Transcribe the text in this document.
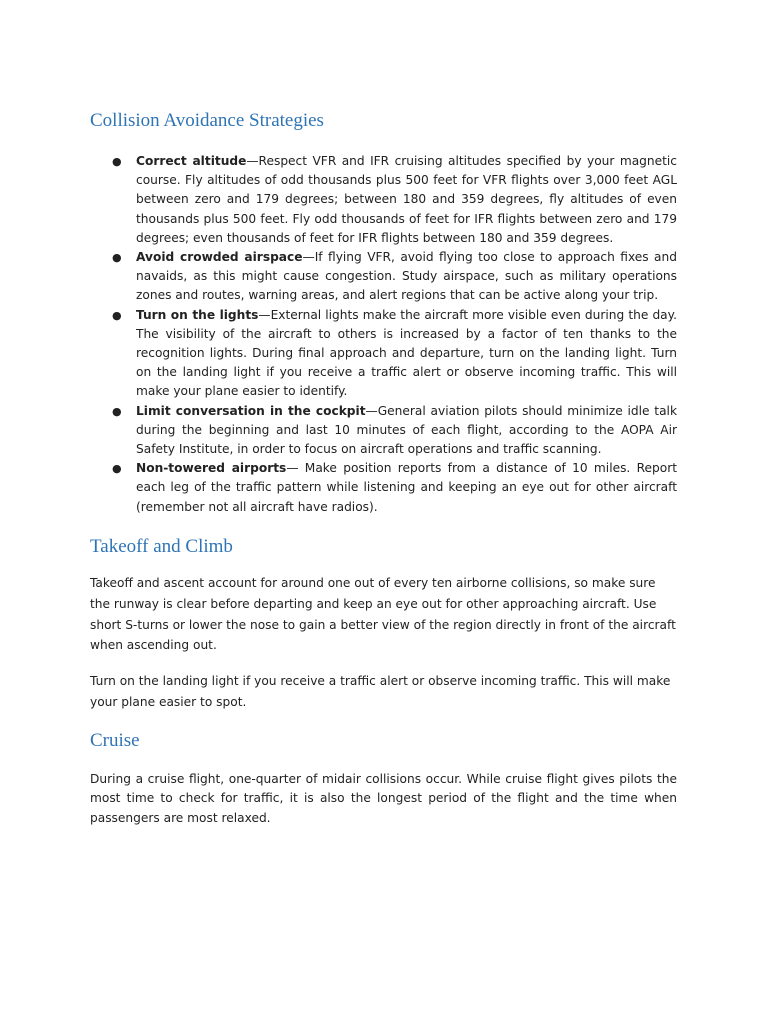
Collision Avoidance Strategies
● Correct altitude—Respect VFR and IFR cruising altitudes specified by your magnetic course. Fly altitudes of odd thousands plus 500 feet for VFR flights over 3,000 feet AGL between zero and 179 degrees; between 180 and 359 degrees, fly altitudes of even thousands plus 500 feet. Fly odd thousands of feet for IFR flights between zero and 179 degrees; even thousands of feet for IFR flights between 180 and 359 degrees.
● Avoid crowded airspace—If flying VFR, avoid flying too close to approach fixes and navaids, as this might cause congestion. Study airspace, such as military operations zones and routes, warning areas, and alert regions that can be active along your trip.
● Turn on the lights—External lights make the aircraft more visible even during the day. The visibility of the aircraft to others is increased by a factor of ten thanks to the recognition lights. During final approach and departure, turn on the landing light. Turn on the landing light if you receive a traffic alert or observe incoming traffic. This will make your plane easier to identify.
● Limit conversation in the cockpit—General aviation pilots should minimize idle talk during the beginning and last 10 minutes of each flight, according to the AOPA Air Safety Institute, in order to focus on aircraft operations and traffic scanning.
● Non-towered airports— Make position reports from a distance of 10 miles. Report each leg of the traffic pattern while listening and keeping an eye out for other aircraft (remember not all aircraft have radios).
Takeoff and Climb

Takeoff and ascent account for around one out of every ten airborne collisions, so make sure the runway is clear before departing and keep an eye out for other approaching aircraft. Use short S-turns or lower the nose to gain a better view of the region directly in front of the aircraft when ascending out.

Turn on the landing light if you receive a traffic alert or observe incoming traffic. This will make your plane easier to spot.

Cruise

During a cruise flight, one-quarter of midair collisions occur. While cruise flight gives pilots the most time to check for traffic, it is also the longest period of the flight and the time when passengers are most relaxed.
